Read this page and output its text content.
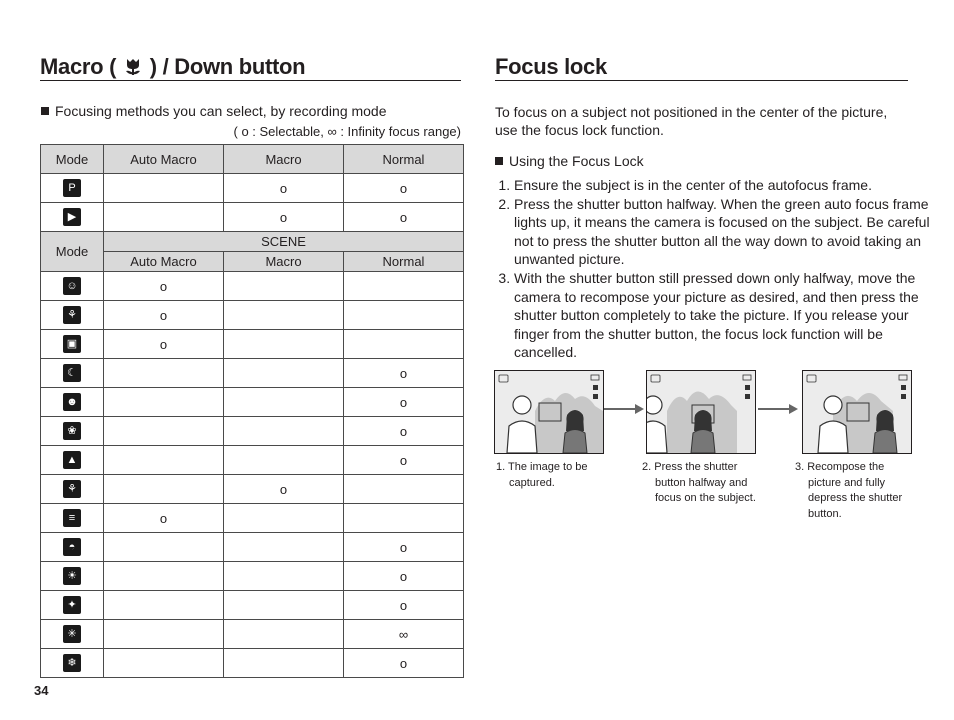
Macro ( ) / Down button
Focusing methods you can select, by recording mode
( o : Selectable, ∞ : Infinity focus range)
Mode	Auto Macro	Macro	Normal

P		o	o

▶		o	o
Mode	SCENE		
	Auto Macro	Macro	Normal

☺	o		

⚘	o		

▣	o		

☾			o

☻			o

❀			o

▲			o

⚘		o	

≡	o		

◓			o

☀			o

✦			o

✳			∞

❄			o
34
Focus lock
To focus on a subject not positioned in the center of the picture, use the focus lock function.
Using the Focus Lock
1. Ensure the subject is in the center of the autofocus frame.
2. Press the shutter button halfway. When the green auto focus frame lights up, it means the camera is focused on the subject. Be careful not to press the shutter button all the way down to avoid taking an unwanted picture.
3. With the shutter button still pressed down only halfway, move the camera to recompose your picture as desired, and then press the shutter button completely to take the picture. If you release your finger from the shutter button, the focus lock function will be cancelled.
1. The image to be
captured.
2. Press the shutter
button halfway and
focus on the subject.
3. Recompose the
picture and fully
depress the shutter
button.
